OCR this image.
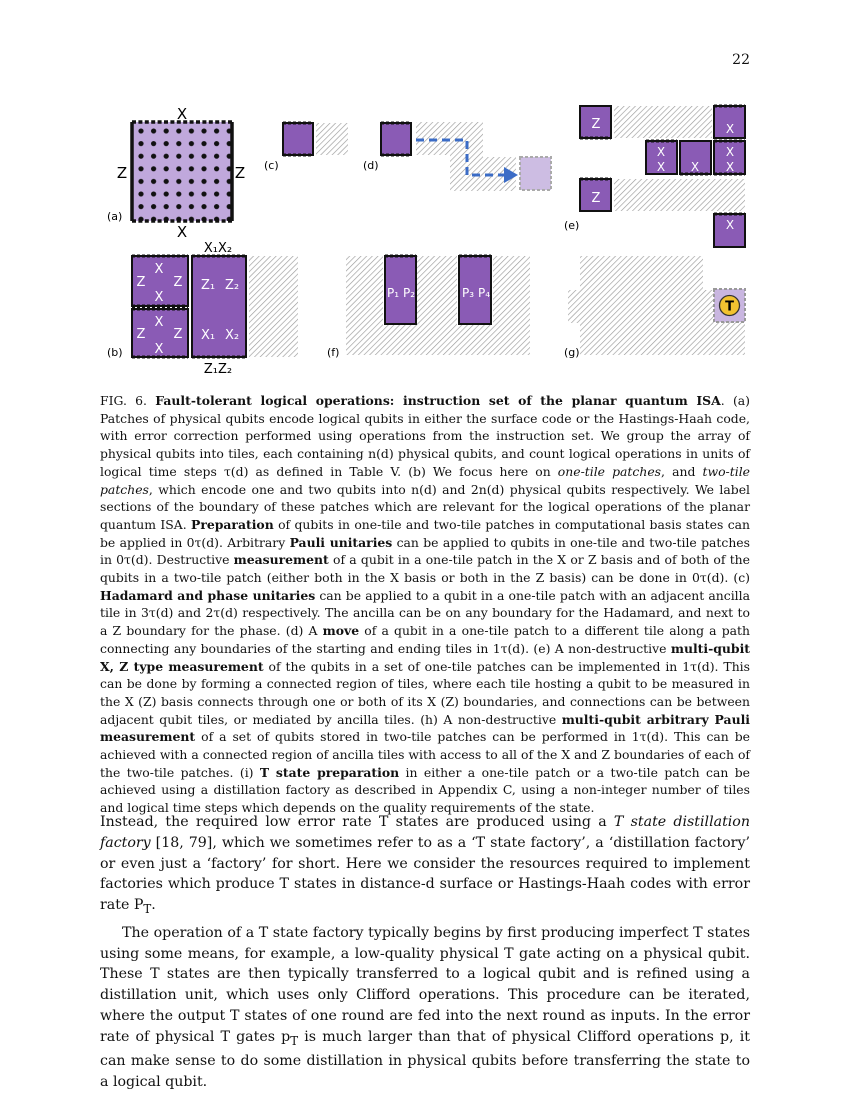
22
X
X
Z	Z
(a)
(c)	(d)
Z	X
X
X X
X
X
Z
X
(e)
X
X
Z Z
X
X
Z Z
Z₁ Z₂
X₁ X₂
X₁X₂
Z₁Z₂
(b)
P₁ P₂	P₃ P₄
(f)
T
(g)

FIG. 6. Fault-tolerant logical operations: instruction set of the planar quantum ISA. (a) Patches of physical qubits encode logical qubits in either the surface code or the Hastings-Haah code, with error correction performed using operations from the instruction set. We group the array of physical qubits into tiles, each containing n(d) physical qubits, and count logical operations in units of logical time steps τ(d) as defined in Table V. (b) We focus here on one-tile patches, and two-tile patches, which encode one and two qubits into n(d) and 2n(d) physical qubits respectively. We label sections of the boundary of these patches which are relevant for the logical operations of the planar quantum ISA. Preparation of qubits in one-tile and two-tile patches in computational basis states can be applied in 0τ(d). Arbitrary Pauli unitaries can be applied to qubits in one-tile and two-tile patches in 0τ(d). Destructive measurement of a qubit in a one-tile patch in the X or Z basis and of both of the qubits in a two-tile patch (either both in the X basis or both in the Z basis) can be done in 0τ(d). (c) Hadamard and phase unitaries can be applied to a qubit in a one-tile patch with an adjacent ancilla tile in 3τ(d) and 2τ(d) respectively. The ancilla can be on any boundary for the Hadamard, and next to a Z boundary for the phase. (d) A move of a qubit in a one-tile patch to a different tile along a path connecting any boundaries of the starting and ending tiles in 1τ(d). (e) A non-destructive multi-qubit X, Z type measurement of the qubits in a set of one-tile patches can be implemented in 1τ(d). This can be done by forming a connected region of tiles, where each tile hosting a qubit to be measured in the X (Z) basis connects through one or both of its X (Z) boundaries, and connections can be between adjacent qubit tiles, or mediated by ancilla tiles. (h) A non-destructive multi-qubit arbitrary Pauli measurement of a set of qubits stored in two-tile patches can be performed in 1τ(d). This can be achieved with a connected region of ancilla tiles with access to all of the X and Z boundaries of each of the two-tile patches. (i) T state preparation in either a one-tile patch or a two-tile patch can be achieved using a distillation factory as described in Appendix C, using a non-integer number of tiles and logical time steps which depends on the quality requirements of the state.

Instead, the required low error rate T states are produced using a T state distillation factory [18, 79], which we sometimes refer to as a ‘T state factory’, a ‘distillation factory’ or even just a ‘factory’ for short. Here we consider the resources required to implement factories which produce T states in distance-d surface or Hastings-Haah codes with error rate $P_T$.

The operation of a T state factory typically begins by first producing imperfect T states using some means, for example, a low-quality physical T gate acting on a physical qubit. These T states are then typically transferred to a logical qubit and is refined using a distillation unit, which uses only Clifford operations. This procedure can be iterated, where the output T states of one round are fed into the next round as inputs. In the error rate of physical T gates $p_T$ is much larger than that of physical Clifford operations p, it can make sense to do some distillation in physical qubits before transferring the state to a logical qubit.
